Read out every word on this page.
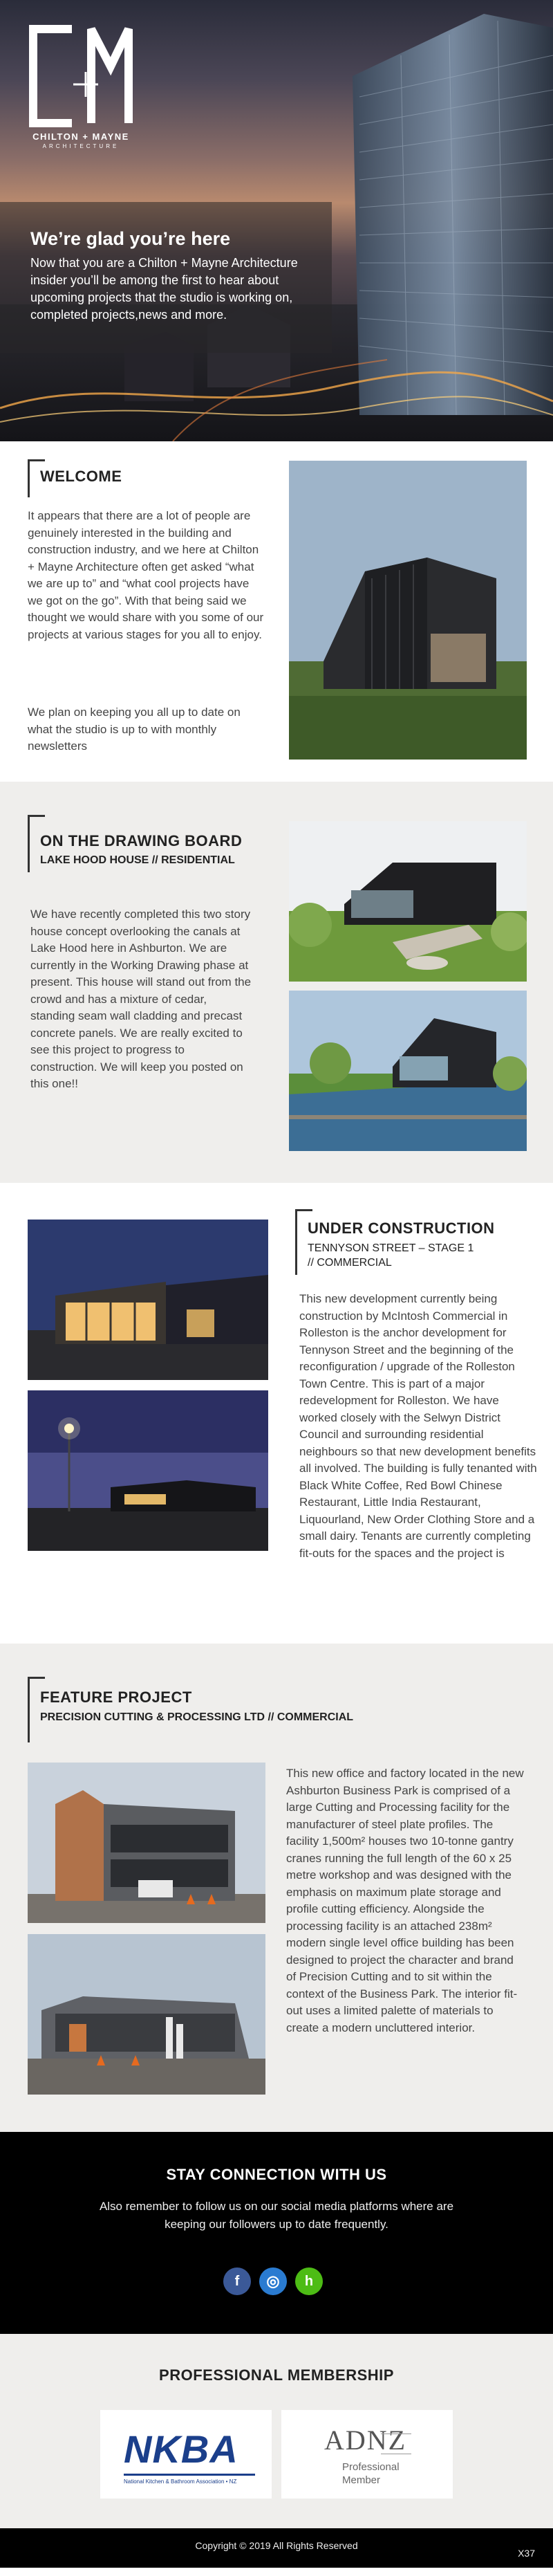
CHILTON + MAYNE
ARCHITECTURE
We’re glad you’re here
Now that you are a Chilton + Mayne Architecture insider you’ll be among the first to hear about upcoming projects that the studio is working on, completed projects,news and more.
WELCOME
It appears that there are a lot of people are genuinely interested in the building and construction industry, and we here at Chilton + Mayne Architecture often get asked “what we are up to” and “what cool projects have we got on the go”. With that being said we thought we would share with you some of our projects at various stages for you all to enjoy.
We plan on keeping you all up to date on what the studio is up to with monthly newsletters
ON THE DRAWING BOARD
LAKE HOOD HOUSE // RESIDENTIAL
We have recently completed this two story house concept overlooking the canals at Lake Hood here in Ashburton. We are currently in the Working Drawing phase at present. This house will stand out from the crowd and has a mixture of cedar, standing seam wall cladding and precast concrete panels. We are really excited to see this project to progress to construction. We will keep you posted on this one!!
UNDER CONSTRUCTION
TENNYSON STREET – STAGE 1
// COMMERCIAL
This new development currently being construction by McIntosh Commercial in Rolleston is the anchor development for Tennyson Street and the beginning of the reconfiguration / upgrade of the Rolleston Town Centre. This is part of a major redevelopment for Rolleston. We have worked closely with the Selwyn District Council and surrounding residential neighbours so that new development benefits all involved. The building is fully tenanted with Black White Coffee, Red Bowl Chinese Restaurant, Little India Restaurant, Liquourland, New Order Clothing Store and a small dairy. Tenants are currently completing fit-outs for the spaces and the project is
FEATURE PROJECT
PRECISION CUTTING & PROCESSING LTD // COMMERCIAL
This new office and factory located in the new Ashburton Business Park is comprised of a large Cutting and Processing facility for the manufacturer of steel plate profiles. The facility 1,500m² houses two 10-tonne gantry cranes running the full length of the 60 x 25 metre workshop and was designed with the emphasis on maximum plate storage and profile cutting efficiency. Alongside the processing facility is an attached 238m² modern single level office building has been designed to project the character and brand of Precision Cutting and to sit within the context of the Business Park. The interior fit-out uses a limited palette of materials to create a modern uncluttered interior.
STAY CONNECTION WITH US
Also remember to follow us on our social media platforms where are keeping our followers up to date frequently.
f	◎	h
PROFESSIONAL MEMBERSHIP
NKBA
National Kitchen & Bathroom Association • NZ
ADNZ
Professional
Member
Copyright © 2019 All Rights Reserved
X37
